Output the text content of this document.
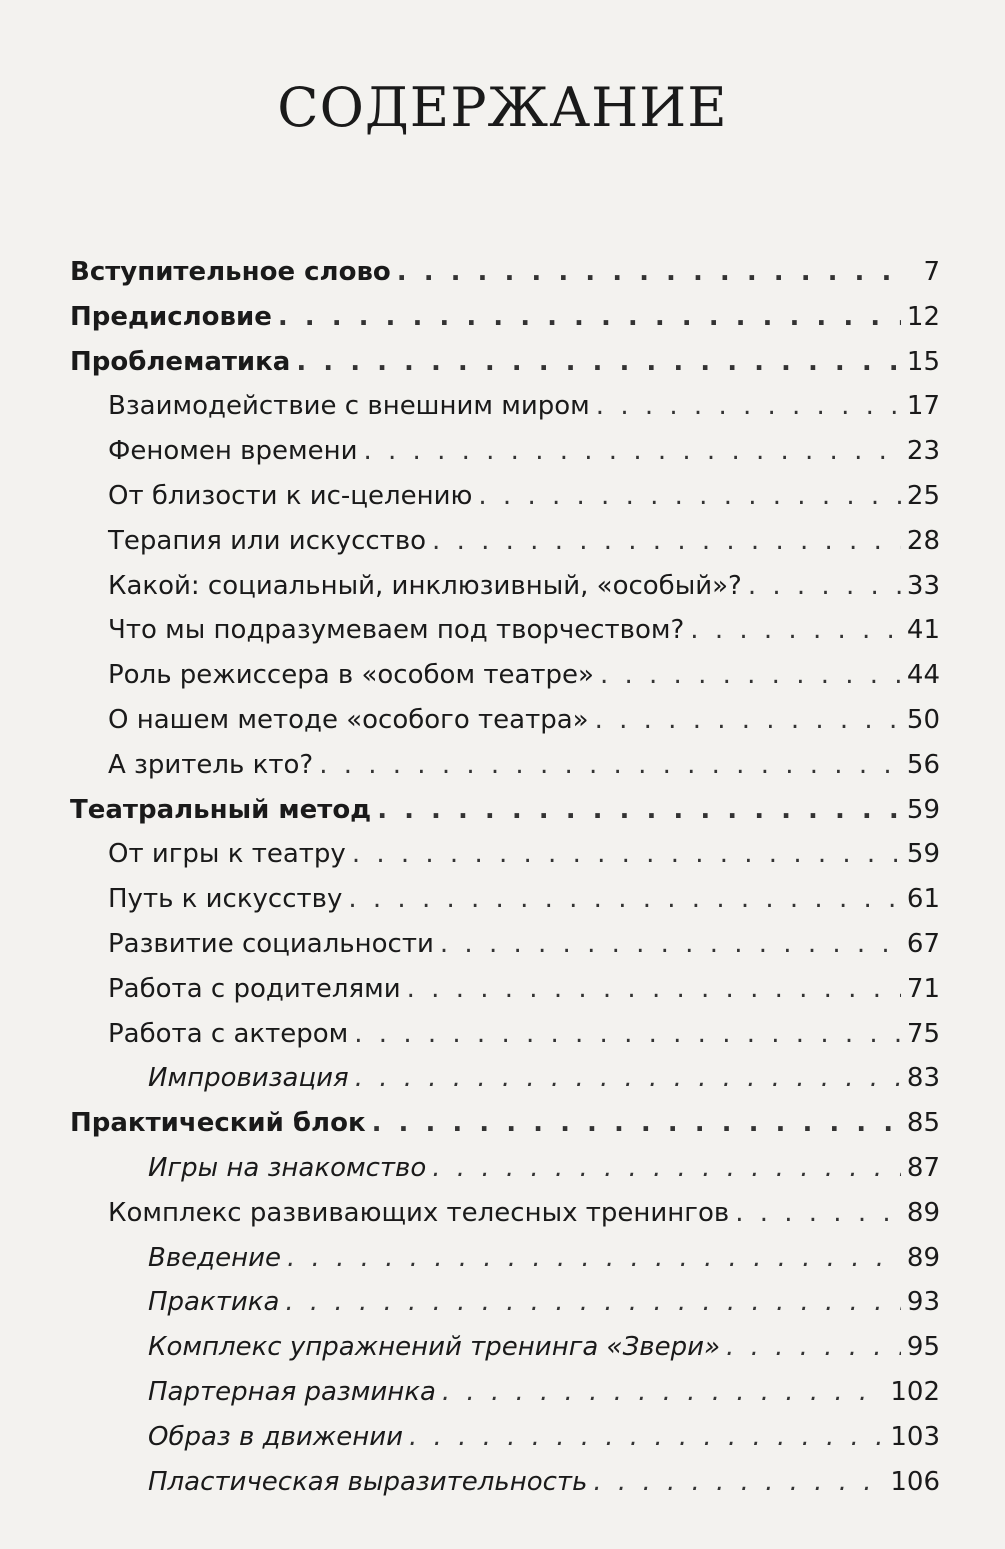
СОДЕРЖАНИЕ
Вступительное слово . . .	7
Предисловие . . .	12
Проблематика . . .	15
Взаимодействие с внешним миром . . .	17
Феномен времени . . .	23
От близости к ис-целению . . .	25
Терапия или искусство . . .	28
Какой: социальный, инклюзивный, «особый»? . . .	33
Что мы подразумеваем под творчеством? . . .	41
Роль режиссера в «особом театре» . . .	44
О нашем методе «особого театра» . . .	50
А зритель кто? . . .	56
Театральный метод . . .	59
От игры к театру . . .	59
Путь к искусству . . .	61
Развитие социальности . . .	67
Работа с родителями . . .	71
Работа с актером . . .	75
Импровизация . . .	83
Практический блок . . .	85
Игры на знакомство . . .	87
Комплекс развивающих телесных тренингов . . .	89
Введение . . .	89
Практика . . .	93
Комплекс упражнений тренинга «Звери» . . .	95
Партерная разминка . . .	102
Образ в движении . . .	103
Пластическая выразительность . . .	106
